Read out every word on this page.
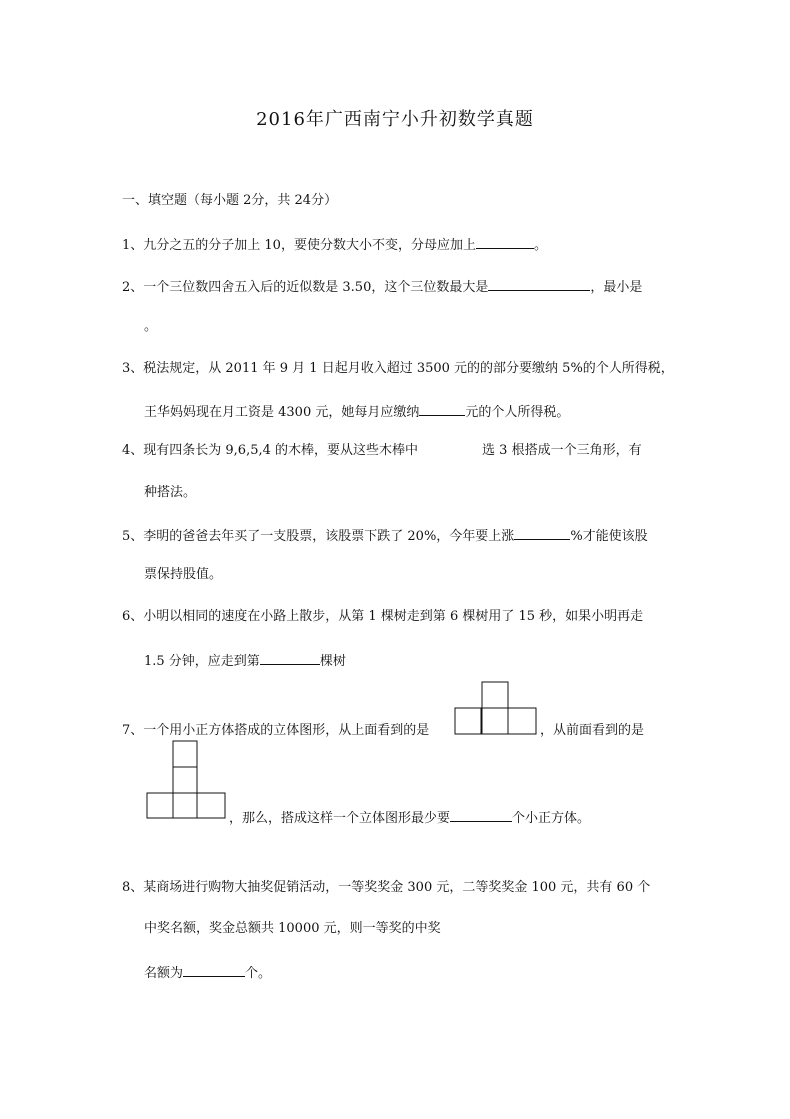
2016年广西南宁小升初数学真题
一、填空题（每小题 2分，共 24分）
1、九分之五的分子加上 10，要使分数大小不变，分母应加上	。
2、一个三位数四舍五入后的近似数是 3.50，这个三位数最大是	，最小是
。
3、税法规定，从 2011 年 9 月 1 日起月收入超过 3500 元的的部分要缴纳 5%的个人所得税，
王华妈妈现在月工资是 4300 元，她每月应缴纳	元的个人所得税。
4、现有四条长为 9,6,5,4 的木棒，要从这些木棒中	选 3 根搭成一个三角形，有
种搭法。
5、李明的爸爸去年买了一支股票，该股票下跌了 20%，今年要上涨	%才能使该股
票保持股值。
6、小明以相同的速度在小路上散步，从第 1 棵树走到第 6 棵树用了 15 秒，如果小明再走
1.5 分钟，应走到第	棵树
7、一个用小正方体搭成的立体图形，从上面看到的是	，从前面看到的是
，那么，搭成这样一个立体图形最少要	个小正方体。
8、某商场进行购物大抽奖促销活动，一等奖奖金 300 元，二等奖奖金 100 元，共有 60 个
中奖名额，奖金总额共 10000 元，则一等奖的中奖
名额为	个。
